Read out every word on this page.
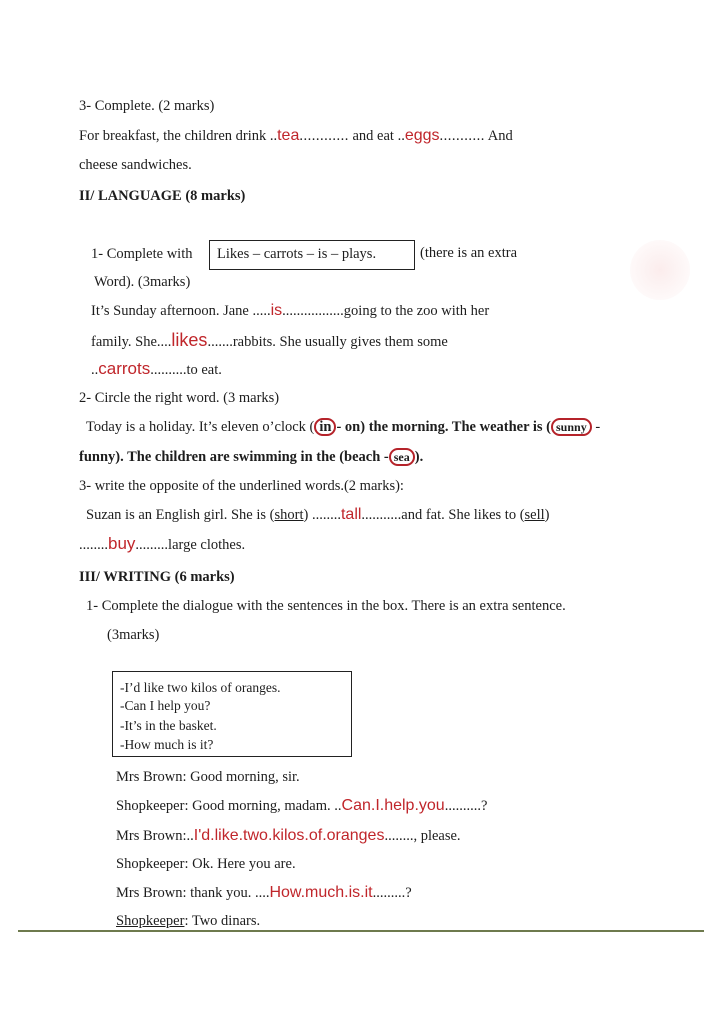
3- Complete. (2 marks)
For breakfast, the children drink ..tea............ and eat ..eggs........... And
cheese sandwiches.
II/ LANGUAGE (8 marks)
1- Complete with Likes – carrots – is – plays.	(there is an extra
Word). (3marks)
It’s Sunday afternoon. Jane .....is.................going to the zoo with her
family. She....likes.......rabbits. She usually gives them some
..carrots..........to eat.
2- Circle the right word. (3 marks)
Today is a holiday. It’s eleven o’clock ( in - on) the morning. The weather is ( sunny -
funny). The children are swimming in the (beach - sea ).
3- write the opposite of the underlined words.(2 marks):
Suzan is an English girl. She is (short) ........tall...........and fat. She likes to (sell)
........buy.........large clothes.
III/ WRITING (6 marks)
1- Complete the dialogue with the sentences in the box. There is an extra sentence.
(3marks)
-I’d like two kilos of oranges.
-Can I help you?
-It’s in the basket.
-How much is it?
Mrs Brown: Good morning, sir.
Shopkeeper: Good morning, madam. ..Can.I.help.you..........?
Mrs Brown:..I'd.like.two.kilos.of.oranges........, please.
Shopkeeper: Ok. Here you are.
Mrs Brown: thank you. ....How.much.is.it.........?
Shopkeeper: Two dinars.
